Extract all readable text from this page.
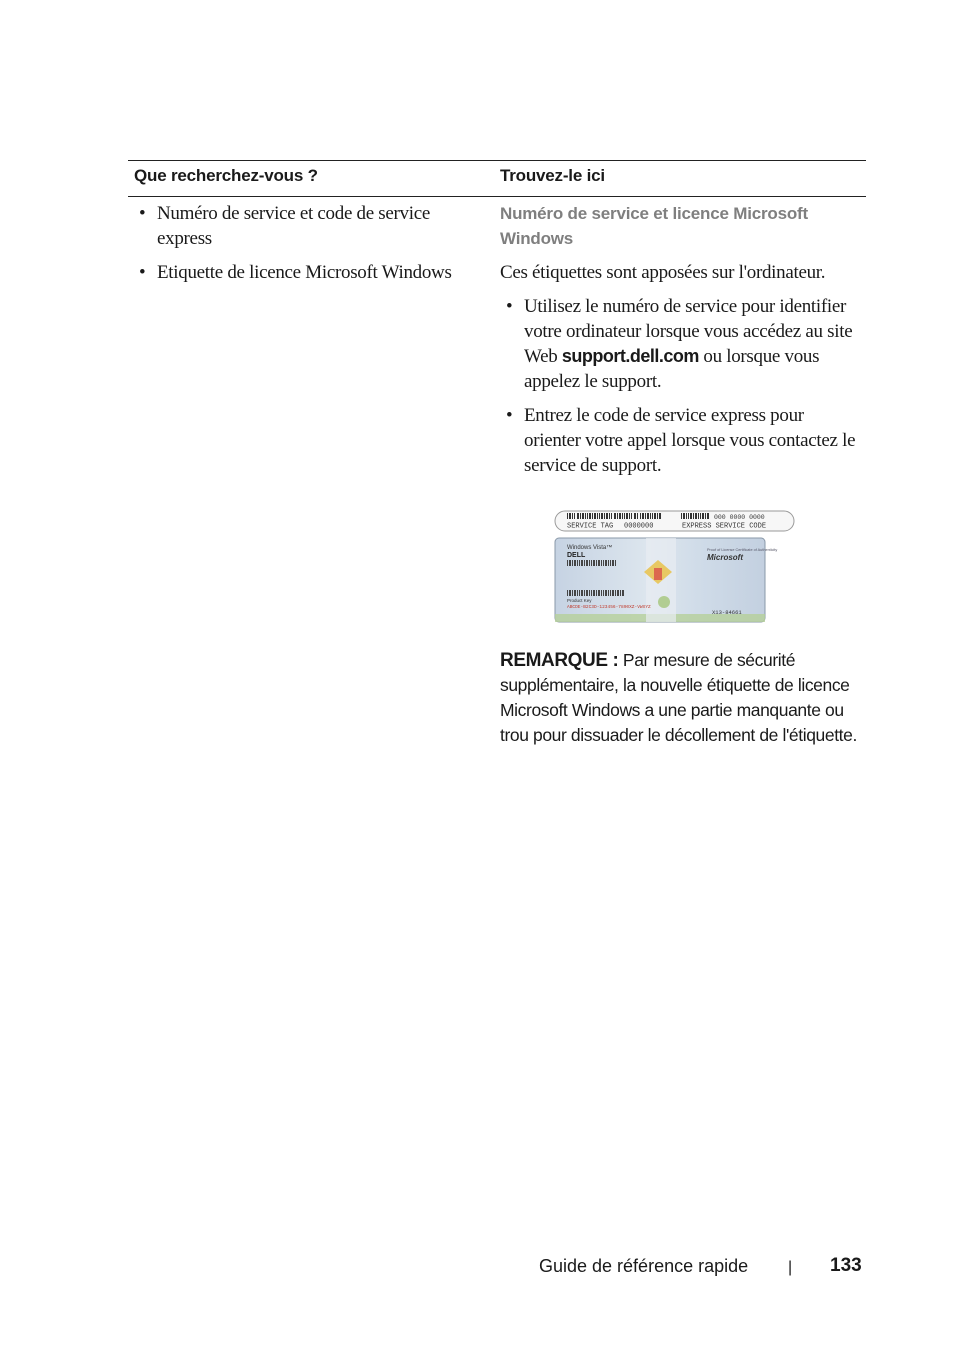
Que recherchez-vous ?	Trouvez-le ici
• Numéro de service et code de service express
• Etiquette de licence Microsoft Windows
Numéro de service et licence Microsoft Windows
Ces étiquettes sont apposées sur l'ordinateur.
• Utilisez le numéro de service pour identifier votre ordinateur lorsque vous accédez au site Web support.dell.com ou lorsque vous appelez le support.
• Entrez le code de service express pour orienter votre appel lorsque vous contactez le service de support.
000 0000 0000
SERVICE TAG 0000000	EXPRESS SERVICE CODE
Windows Vista™
DELL
Product Key
ABCDE-B2C3D-123456-7890XZ-VWXYZ
Proof of License Certificate of Authenticity
Microsoft
X13-84661
REMARQUE : Par mesure de sécurité supplémentaire, la nouvelle étiquette de licence Microsoft Windows a une partie manquante ou trou pour dissuader le décollement de l'étiquette.
Guide de référence rapide | 133
